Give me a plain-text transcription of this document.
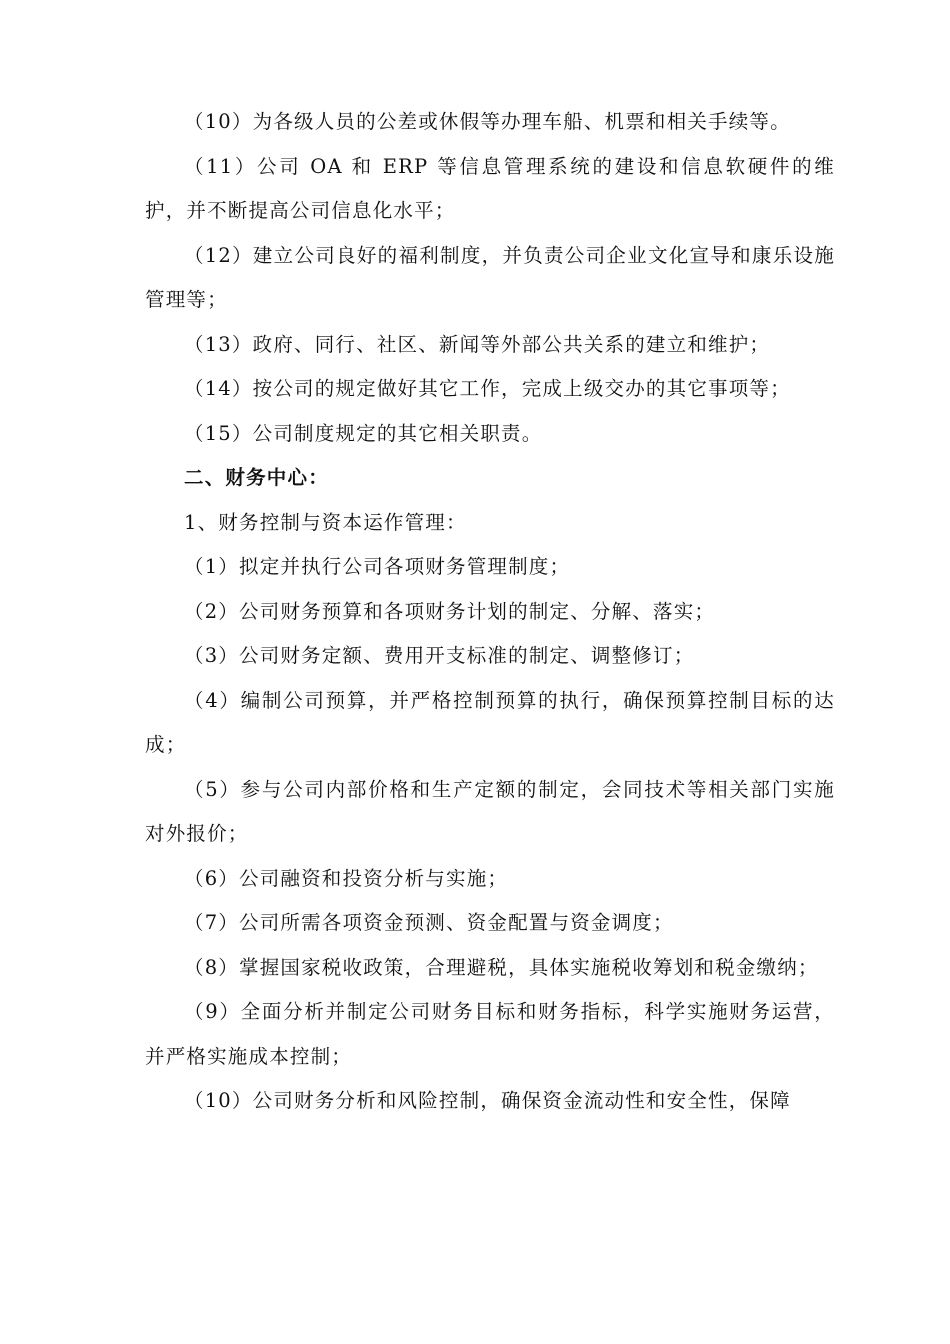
（10）为各级人员的公差或休假等办理车船、机票和相关手续等。

（11）公司 OA 和 ERP 等信息管理系统的建设和信息软硬件的维护，并不断提高公司信息化水平；

（12）建立公司良好的福利制度，并负责公司企业文化宣导和康乐设施管理等；

（13）政府、同行、社区、新闻等外部公共关系的建立和维护；

（14）按公司的规定做好其它工作，完成上级交办的其它事项等；

（15）公司制度规定的其它相关职责。

二、财务中心：

1、财务控制与资本运作管理：

（1）拟定并执行公司各项财务管理制度；

（2）公司财务预算和各项财务计划的制定、分解、落实；

（3）公司财务定额、费用开支标准的制定、调整修订；

（4）编制公司预算，并严格控制预算的执行，确保预算控制目标的达成；

（5）参与公司内部价格和生产定额的制定，会同技术等相关部门实施对外报价；

（6）公司融资和投资分析与实施；

（7）公司所需各项资金预测、资金配置与资金调度；

（8）掌握国家税收政策，合理避税，具体实施税收筹划和税金缴纳；

（9）全面分析并制定公司财务目标和财务指标，科学实施财务运营，并严格实施成本控制；

（10）公司财务分析和风险控制，确保资金流动性和安全性，保障
